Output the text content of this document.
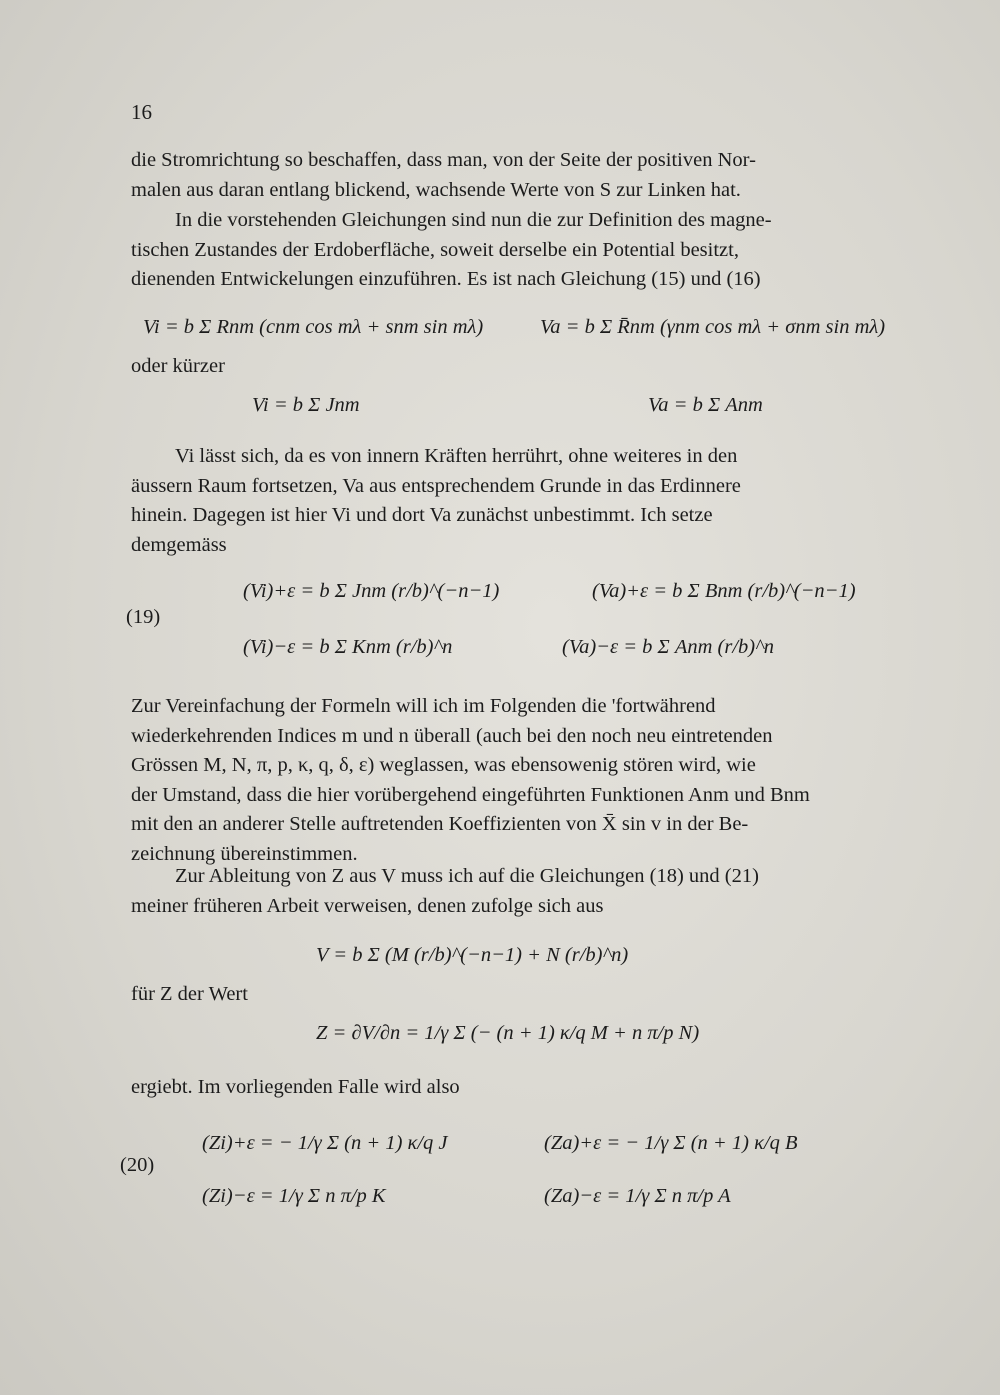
16
die Stromrichtung so beschaffen, dass man, von der Seite der positiven Nor-
malen aus daran entlang blickend, wachsende Werte von S zur Linken hat.
In die vorstehenden Gleichungen sind nun die zur Definition des magne-
tischen Zustandes der Erdoberfläche, soweit derselbe ein Potential besitzt,
dienenden Entwickelungen einzuführen. Es ist nach Gleichung (15) und (16)
Vi = b Σ Rnm (cnm cos mλ + snm sin mλ)	Va = b Σ R̄nm (γnm cos mλ + σnm sin mλ)
oder kürzer
Vi = b Σ Jnm	Va = b Σ Anm
Vi lässt sich, da es von innern Kräften herrührt, ohne weiteres in den
äussern Raum fortsetzen, Va aus entsprechendem Grunde in das Erdinnere
hinein. Dagegen ist hier Vi und dort Va zunächst unbestimmt. Ich setze
demgemäss
(19)
(Vi)+ε = b Σ Jnm (r/b)^(−n−1)	(Va)+ε = b Σ Bnm (r/b)^(−n−1)
(Vi)−ε = b Σ Knm (r/b)^n	(Va)−ε = b Σ Anm (r/b)^n
Zur Vereinfachung der Formeln will ich im Folgenden die 'fortwährend
wiederkehrenden Indices m und n überall (auch bei den noch neu eintretenden
Grössen M, N, π, p, κ, q, δ, ε) weglassen, was ebensowenig stören wird, wie
der Umstand, dass die hier vorübergehend eingeführten Funktionen Anm und Bnm
mit den an anderer Stelle auftretenden Koeffizienten von X̄ sin v in der Be-
zeichnung übereinstimmen.
Zur Ableitung von Z aus V muss ich auf die Gleichungen (18) und (21)
meiner früheren Arbeit verweisen, denen zufolge sich aus
V = b Σ (M (r/b)^(−n−1) + N (r/b)^n)
für Z der Wert
Z = ∂V/∂n = 1/γ Σ (− (n + 1) κ/q M + n π/p N)
ergiebt. Im vorliegenden Falle wird also
(20)
(Zi)+ε = − 1/γ Σ (n + 1) κ/q J	(Za)+ε = − 1/γ Σ (n + 1) κ/q B
(Zi)−ε = 1/γ Σ n π/p K	(Za)−ε = 1/γ Σ n π/p A
